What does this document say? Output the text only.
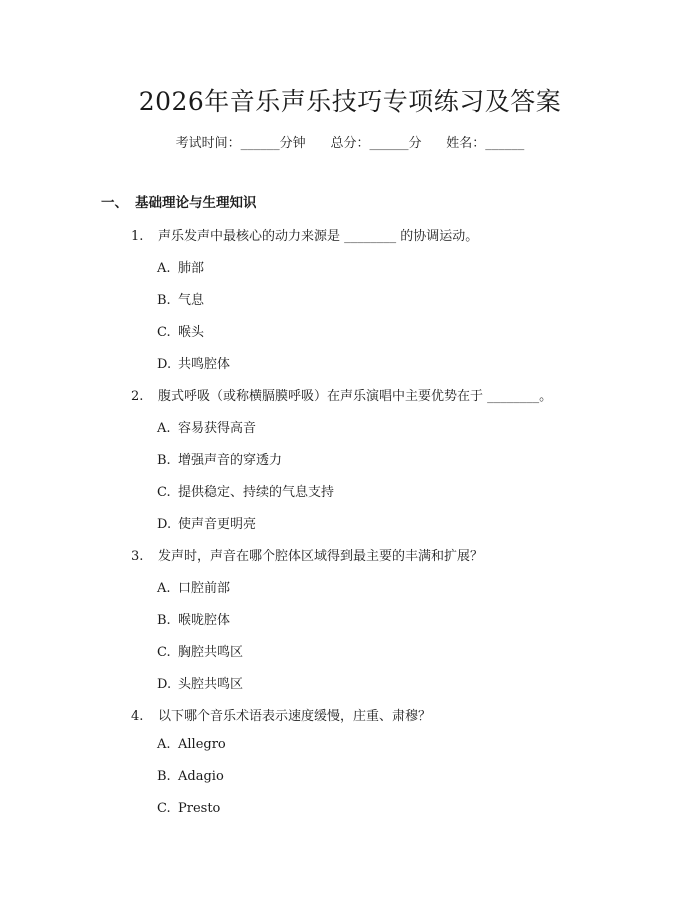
2026年音乐声乐技巧专项练习及答案
考试时间：______分钟 总分：______分 姓名：______
一、 基础理论与生理知识
1. 声乐发声中最核心的动力来源是 ________ 的协调运动。
A. 肺部
B. 气息
C. 喉头
D. 共鸣腔体
2. 腹式呼吸（或称横膈膜呼吸）在声乐演唱中主要优势在于 ________。
A. 容易获得高音
B. 增强声音的穿透力
C. 提供稳定、持续的气息支持
D. 使声音更明亮
3. 发声时，声音在哪个腔体区域得到最主要的丰满和扩展？
A. 口腔前部
B. 喉咙腔体
C. 胸腔共鸣区
D. 头腔共鸣区
4. 以下哪个音乐术语表示速度缓慢，庄重、肃穆？
A. Allegro
B. Adagio
C. Presto
